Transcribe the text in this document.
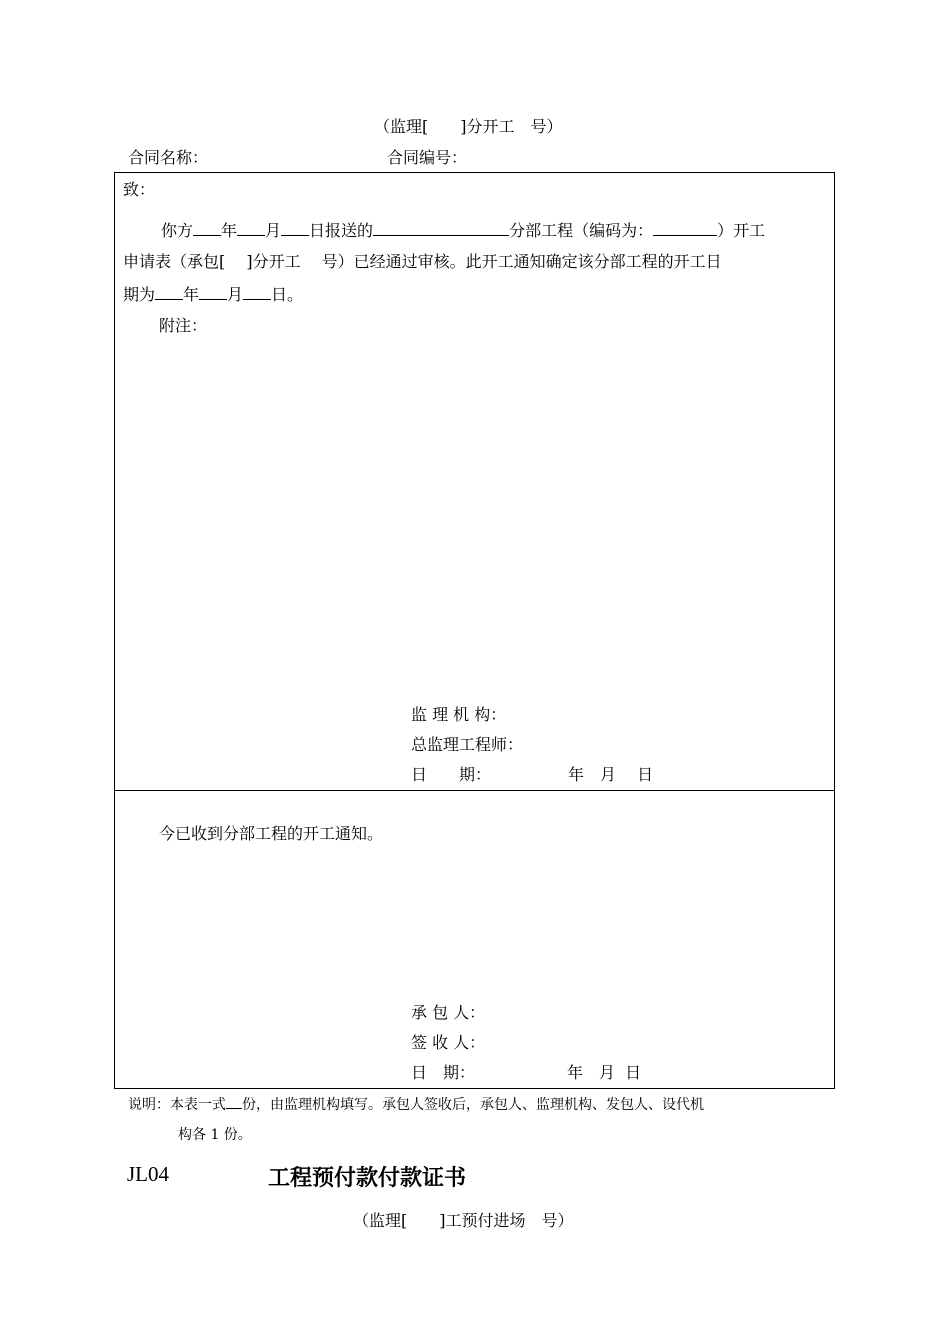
（监理[　　]分开工　号）
合同名称：	合同编号：
致：
你方 年 月 日报送的	分部工程（编码为：	）开工
申请表（承包[　 ]分开工　 号）已经通过审核。此开工通知确定该分部工程的开工日
期为 年 月 日。
附注：
监 理 机 构：
总监理工程师：
日　　期：	年　月　 日
今已收到分部工程的开工通知。
承 包 人：
签 收 人：
日　期：	年　月  日
说明：本表一式 份，由监理机构填写。承包人签收后，承包人、监理机构、发包人、设代机
构各 1 份。
JL04	工程预付款付款证书
（监理[　　]工预付进场　号）
